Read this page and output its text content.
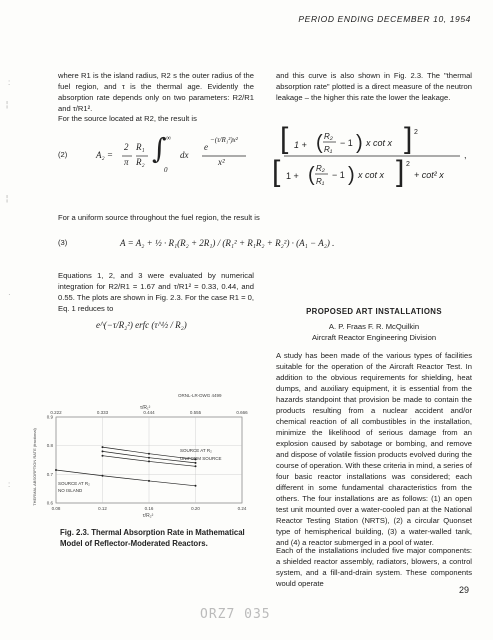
PERIOD ENDING DECEMBER 10, 1954
where R1 is the island radius, R2 s the outer radius of the fuel region, and τ is the thermal age. Evidently the absorption rate depends only on two parameters: R2/R1 and τ/R1².
For the source located at R2, the result is
(2)	A₂ =
2
π
R₁
R₂ ∫ ∞
0
dx
e
−(τ/R₁²)x²
x²
[ 1 + ( R₂
R₁
− 1 ) x cot x ] 2
[ 1 + ( R₂
R₁
− 1 ) x cot x ] 2
+ cot² x
,
For a uniform source throughout the fuel region, the result is
(3)	A = A₂ + ½ · R₁(R₂ + 2R₁) / (R₁² + R₁R₂ + R₂²) · (A₁ − A₂) .
Equations 1, 2, and 3 were evaluated by numerical integration for R2/R1 = 1.67 and τ/R1² = 0.33, 0.44, and 0.55. The plots are shown in Fig. 2.3. For the case R1 = 0, Eq. 1 reduces to
e^(−τ/R₂²) erfc (τ^½ / R₂)
ORNL-LR-DWG 4499
τ/R₁²
0.222	0.333	0.444	0.555	0.666
0.08	0.12	0.16	0.20	0.24
0.6
0.7
0.8
0.9
τ/R₂²
THERMAL ABSORPTION RATE (fractional)	SOURCE AT R₂
UNIFORM SOURCE
SOURCE AT R₂
NO ISLAND
Fig. 2.3. Thermal Absorption Rate in Mathematical Model of Reflector-Moderated Reactors.
and this curve is also shown in Fig. 2.3. The "thermal absorption rate" plotted is a direct measure of the neutron leakage – the higher this rate the lower the leakage.
PROPOSED ART INSTALLATIONS
A. P. Fraas F. R. McQuilkin
Aircraft Reactor Engineering Division
A study has been made of the various types of facilities suitable for the operation of the Aircraft Reactor Test. In addition to the obvious requirements for shielding, heat dumps, and auxiliary equipment, it is essential from the hazards standpoint that provision be made to contain the products resulting from a nuclear accident and/or chemical reaction of all combustibles in the installation, minimize the likelihood of serious damage from an explosion caused by sabotage or bombing, and remove and dispose of volatile fission products evolved during the course of operation. With these criteria in mind, a series of four basic reactor installations was considered; each different in some fundamental characteristics from the others. The four installations are as follows: (1) an open test unit mounted over a water-cooled pan at the National Reactor Testing Station (NRTS), (2) a circular Quonset type of hemispherical building, (3) a water-walled tank, and (4) a reactor submerged in a pool of water.
Each of the installations included five major components: a shielded reactor assembly, radiators, blowers, a control system, and a fill-and-drain system. These components would operate
29
ORZ7 035
:
¦
¦
·
:
